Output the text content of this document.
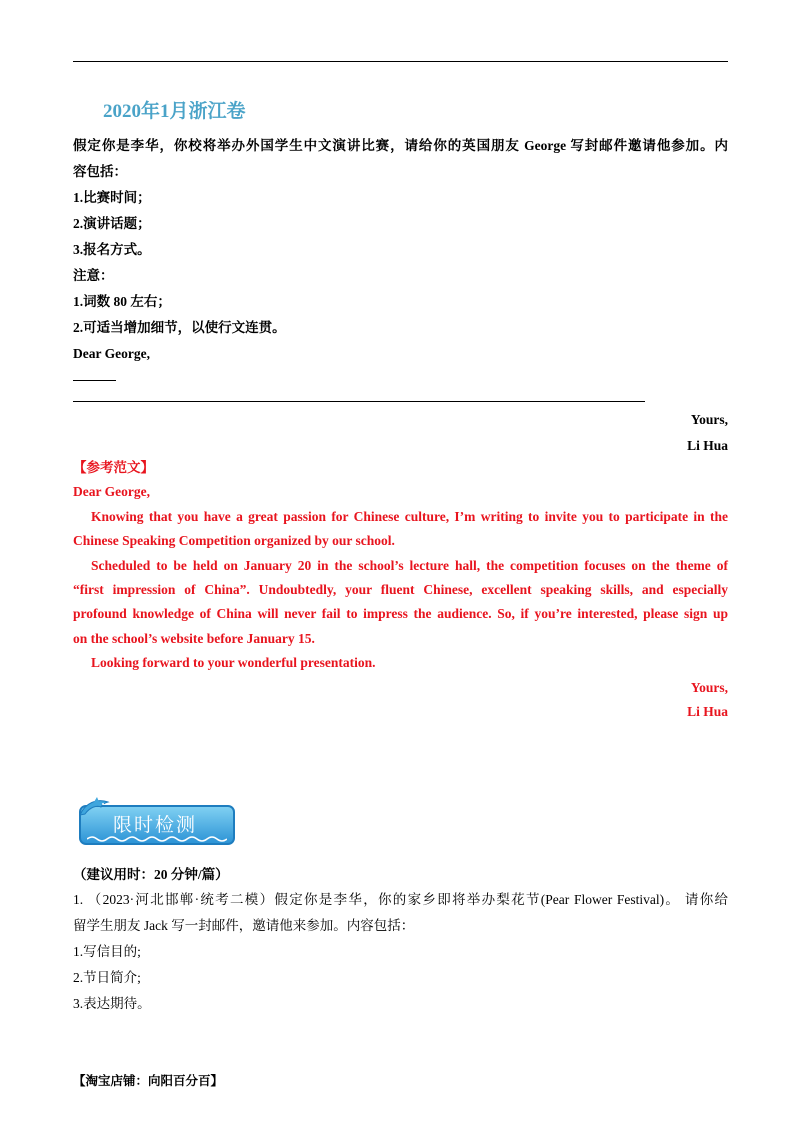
2020年1月浙江卷
假定你是李华，你校将举办外国学生中文演讲比赛，请给你的英国朋友 George 写封邮件邀请他参加。内
容包括：
1.比赛时间；
2.演讲话题；
3.报名方式。
注意：
1.词数 80 左右；
2.可适当增加细节，以使行文连贯。
Dear George,
Yours,
Li Hua
【参考范文】
Dear George,
Knowing that you have a great passion for Chinese culture, I’m writing to invite you to participate in the
Chinese Speaking Competition organized by our school.
Scheduled to be held on January 20 in the school’s lecture hall, the competition focuses on the theme of
“first impression of China”. Undoubtedly, your fluent Chinese, excellent speaking skills, and especially
profound knowledge of China will never fail to impress the audience. So, if you’re interested, please sign up
on the school’s website before January 15.
Looking forward to your wonderful presentation.
Yours,
Li Hua
限时检测
（建议用时：20 分钟/篇）
1. （2023·河北邯郸·统考二模）假定你是李华，你的家乡即将举办梨花节(Pear Flower Festival)。 请你给
留学生朋友 Jack 写一封邮件，邀请他来参加。内容包括：
1.写信目的;
2.节日简介;
3.表达期待。
【淘宝店铺：向阳百分百】
